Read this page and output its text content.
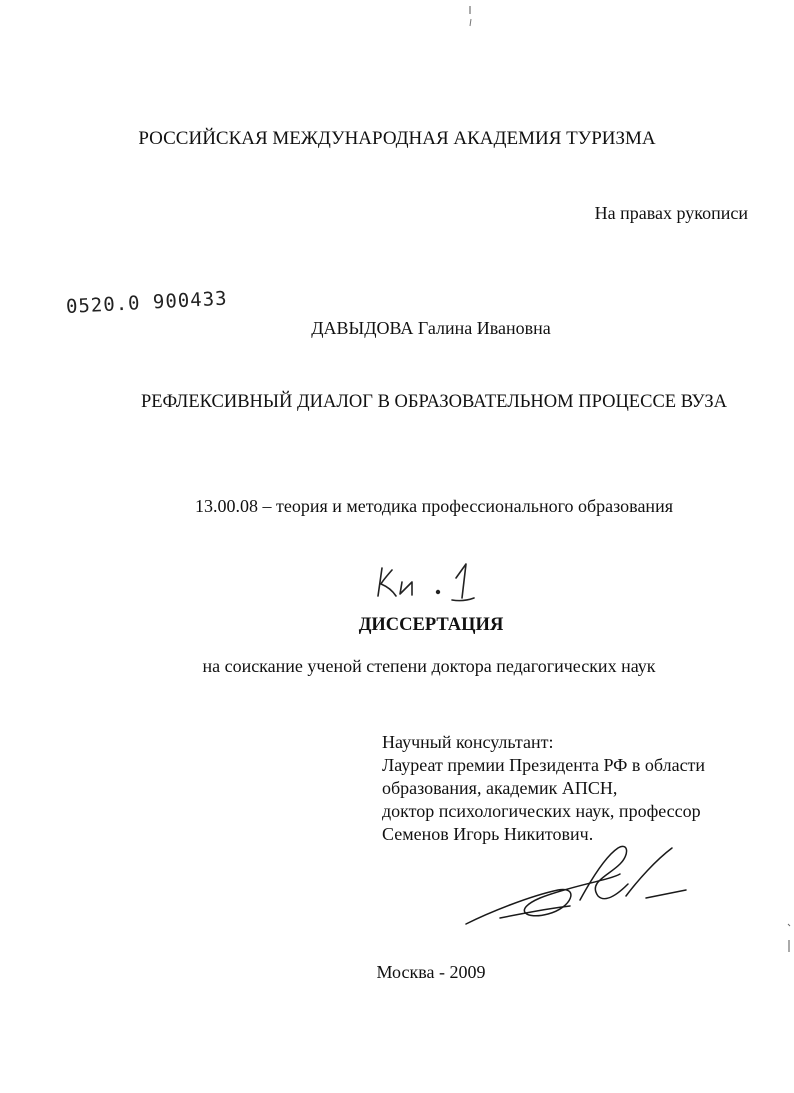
РОССИЙСКАЯ МЕЖДУНАРОДНАЯ АКАДЕМИЯ ТУРИЗМА
На правах рукописи
0520.0 900433
ДАВЫДОВА Галина Ивановна
РЕФЛЕКСИВНЫЙ ДИАЛОГ В ОБРАЗОВАТЕЛЬНОМ ПРОЦЕССЕ ВУЗА
13.00.08 – теория и методика профессионального образования
ДИССЕРТАЦИЯ
на соискание ученой степени доктора педагогических наук
Научный консультант:
Лауреат премии Президента РФ в области
образования, академик АПСН,
доктор психологических наук, профессор
Семенов Игорь Никитович.
Москва - 2009
